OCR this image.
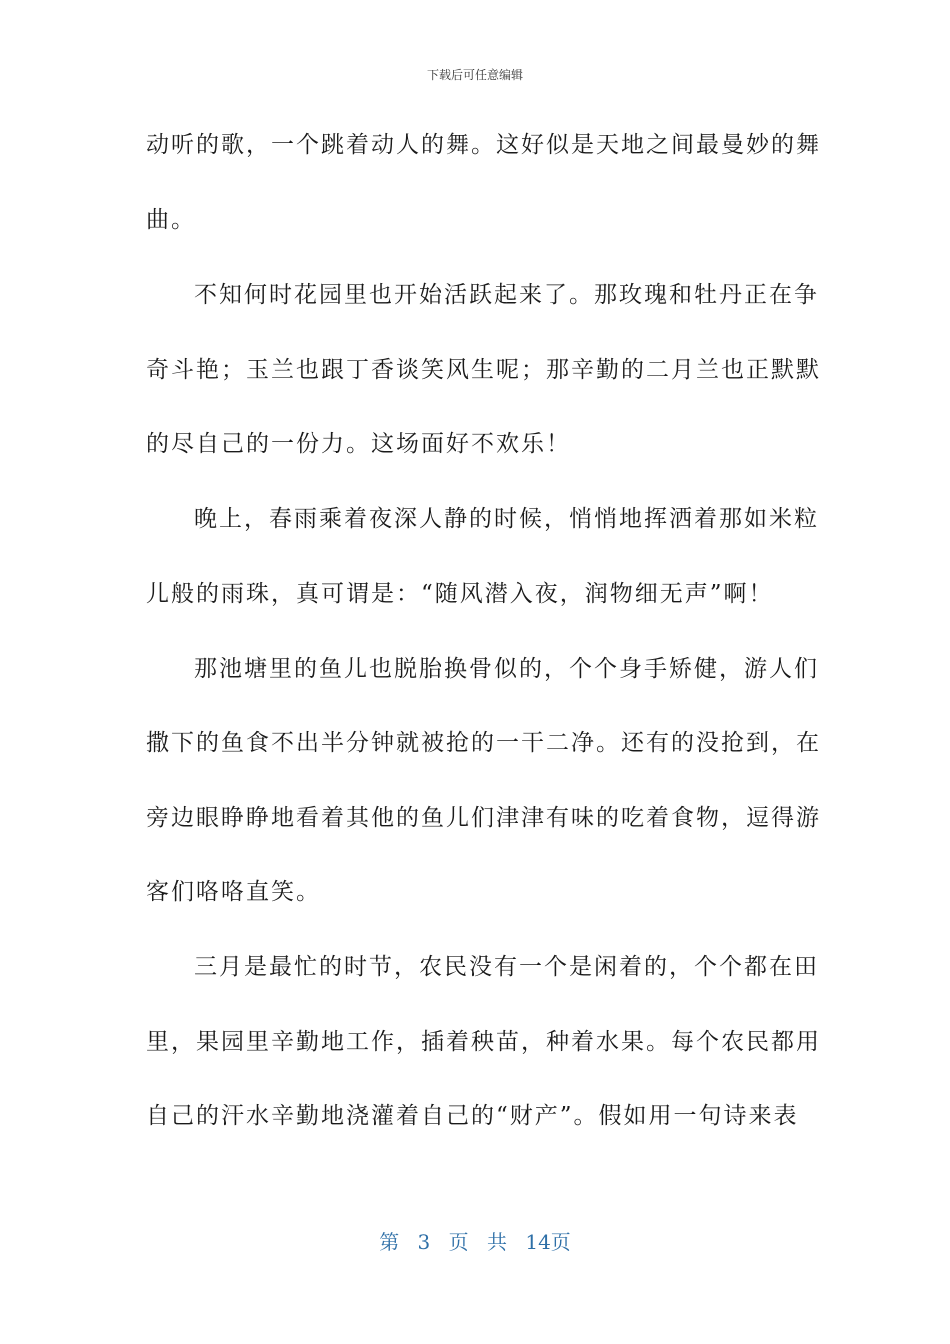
下载后可任意编辑
动听的歌，一个跳着动人的舞。这好似是天地之间最曼妙的舞
曲。
不知何时花园里也开始活跃起来了。那玫瑰和牡丹正在争
奇斗艳；玉兰也跟丁香谈笑风生呢；那辛勤的二月兰也正默默
的尽自己的一份力。这场面好不欢乐！
晚上，春雨乘着夜深人静的时候，悄悄地挥洒着那如米粒
儿般的雨珠，真可谓是：“随风潜入夜，润物细无声”啊！
那池塘里的鱼儿也脱胎换骨似的，个个身手矫健，游人们
撒下的鱼食不出半分钟就被抢的一干二净。还有的没抢到，在
旁边眼睁睁地看着其他的鱼儿们津津有味的吃着食物，逗得游
客们咯咯直笑。
三月是最忙的时节，农民没有一个是闲着的，个个都在田
里，果园里辛勤地工作，插着秧苗，种着水果。每个农民都用
自己的汗水辛勤地浇灌着自己的“财产”。假如用一句诗来表
第 3 页 共 14页
